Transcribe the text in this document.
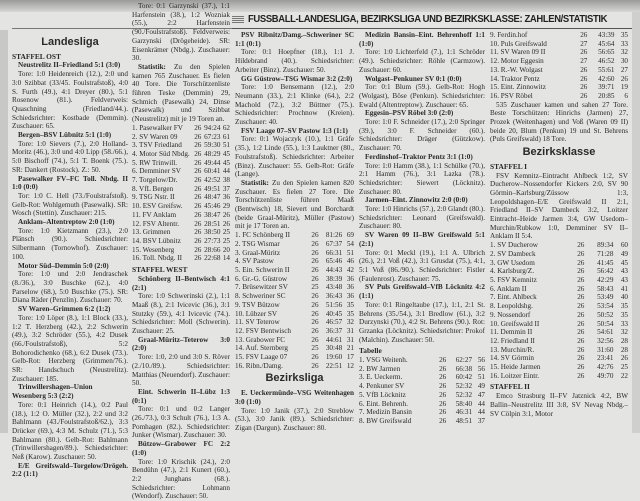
FUSSBALL-LANDESLIGA, BEZIRKSLIGA UND BEZIRKSKLASSE: ZAHLEN/STATISTIK
Landesliga
STAFFEL OST
Neustrelitz II–Friedland 5:1 (3:0)
Tore: 1:0 Heidenreich (12.), 2:0 und 3:0 Szibbat (33/45. Foulstrafstoß), 4:0 S. Furth (49.), 4:1 Dreyer (80.), 5:1 Rosenow (81.). Feldverweis: Quaschning (Friedland/44.). Schiedsrichter: Kostbade (Demmin). Zuschauer: 65.
Bergen–BSV Lübnitz 5:1 (1:0)
Tore: 1:0 Sievers (7.), 2:0 Holland-Moritz (46.), 3:0 und 4:0 Lipp (58./66.), 5:0 Bischoff (74.), 5:1 T. Boenk (75.). SR: Dankert (Rostock). Z.: 50.
Pasewalker FV–FC Toll. Nbdg. II 1:0 (0:0)
Tor: 1:0 C. Hell (73./Foulstrafstoß). Gelb-Rot: Wohlgemuth (Pasewalk). SR: Wosch (Stettin). Zuschauer: 215.
Anklam–Altentreptow 2:0 (1:0)
Tore: 1:0 Kietzmann (23.), 2:0 Plänsch (90.). Schiedsrichter: Silbermann (Tornowhof). Zuschauer: 100.
Motor Süd–Demmin 5:0 (2:0)
Tore: 1:0 und 2:0 Jendraschek (8./36.), 3:0 Buschke (62.), 4:0 Parselow (68.), 5:0 Buschke (75.). SR: Diana Räder (Penzlin). Zuschauer: 70.
SV Waren–Grimmen 6:2 (1:2)
Tore: 1:0 Löper (8.), 1:1 Block (33.), 1:2 T. Herzberg (42.), 2:2 Schwerin (49.), 3:2 Schröder (55.), 4:2 Dusek (66./Foulstrafstoß), 5:2 Bohorodichenko (68.), 6:2 Dusek (73.). Gelb-Rot: Herzberg (Grimmen/76.). SR: Handschuch (Neustrelitz). Zuschauer: 185.
Trinwillershagen–Union Wesenberg 5:3 (2:2)
Tore: 0:1 Heinrich (14.), 0:2 Paul (18.), 1:2 O. Müller (32.), 2:2 und 3:2 Bahlmann (43./Foulstrafstoß/62.), 3:3 Drücker (69.), 4:3 M. Schulz (71.), 5:3 Bahlmann (80.). Gelb-Rot: Bahlmann (Trinwillershagen/89.). Schiedsrichter: Neß (Karow). Zuschauer: 50.
E/E Greifswald–Torgelow/Drögeh. 2:2 (1:1)
Tore: 0:1 Garzynski (37.), 1:1 Harfenstein (38.), 1:2 Wozniak (55.), 2:2 Harfenstein (90./Foulstrafstoß). Feldverweis: Garzynski (Drögeheide). SR: Eisenkrämer (Nbdg.). Zuschauer: 30.
Statistik: Zu den Spielen kamen 765 Zuschauer. Es fielen 40 Tore. Die Torschützenliste führen Teske (Demmin) 29, Schmich (Pasewalk) 24, Dinse (Pasewalk) und Szibbat (Neustrelitz) mit je 19 Toren an.
1. Pasewalker FV	26	94:24	62
2. SV Waren 09	26	67:23	61
3. TSV Friedland	26	59:30	51
4. Motor Süd Nbdg.	26	48:29	45
5. RW Trinwill.	26	49:44	45
6. Demminer SV	26	60:41	44
7. Torgelow/Dr.	26	42:52	38
8. VfL Bergen	26	49:51	37
9. TSG Nstr. II	26	48:47	36
10. ESV Greifsw.	26	45:46	29
11. FV Anklam	26	38:47	26
12. FSV Altentr.	26	28:51	26
13. Grimmen	26	38:50	25
14. BSV Lübnitz	26	27:73	25
15. Wesenberg	26	28:66	20
16. Toll. Nbdg. II	26	22:68	14
STAFFEL WEST
Schönberg II–Bentwisch 4:1 (2:1)
Tore: 1:0 Schwerinski (2.), 1:1 Maaß (8.), 2:1 Ivicevic (36.), 3:1 Stutzky (59.), 4:1 Ivicevic (74.). Schiedsrichter: Moll (Schwerin). Zuschauer: 25.
Graal-Müritz–Teterow 3:0 (2:0)
Tore: 1:0, 2:0 und 3:0 S. Röver (2./10./89.). Schiedsrichter: Matthias (Neuendorf). Zuschauer: 50.
Eint. Schwerin II–Lübz 1:3 (0:1)
Tore: 0:1 und 0:2 Langer (26./73.), 0:3 Schult (76.), 1:3 A. Pomhagen (82.). Schiedsrichter: Junker (Wismar). Zuschauer: 30.
Bützow–Grabower FC 2:2 (1:0)
Tore: 1:0 Krischik (24.), 2:0 Bendühn (47.), 2:1 Kunert (60.), 2:2 Junghans (68.). Schiedsrichter: Lohmann (Wendorf). Zuschauer: 50.
PSV Ribnitz/Damg.–Schweriner SC 1:1 (0:1)
Tore: 0:1 Hoepfner (18.), 1:1 J. Hildebrand (40.). Schiedsrichter: Arbeiter (Binz). Zuschauer: 50.
GG Güstrow–TSG Wismar 3:2 (2:0)
Tore: 1:0 Bensemann (12.), 2:0 Neumann (33.), 2:1 Klinke (64.), 2:2 Machold (72.), 3:2 Büttner (75.). Schiedsrichter: Prochnow (Kreien). Zuschauer: 40.
FSV Laage 07–SV Pastow 1:3 (1:1)
Tore: 0:1 Wojaczyk (10.), 1:1 Gräfe (35.), 1:2 Linde (55.), 1:3 Lauktner (80., Foulstrafstoß). Schiedsrichter: Arbeiter (Binz). Zuschauer: 55. Gelb-Rot: Gräfe (Lange).
Statistik: Zu den Spielen kamen 820 Zuschauer. Es fielen 27 Tore. Die Torschützenliste führen Maaß (Bentwisch) 18, Sievert und Borchardt (beide Graal-Müritz), Müller (Pastow) mit je 17 Toren an.
1. FC Schönberg II	26	81:26	69
2. TSG Wismar	26	67:37	54
3. Graal-Müritz	26	66:31	51
4. SV Pastow	26	65:46	46
5. Ein. Schwerin II	26	44:43	42
6. Gr.-G. Güstrow	26	38:39	36
7. Brüsewitzer SV	25	43:48	36
8. Schweriner SC	26	36:43	36
9. TSV Bützow	26	51:56	35
10. Lübzer SV	26	40:45	35
11. SV Teterow	26	46:57	32
12. FSV Bentwisch	26	36:37	31
13. Grabower FC	26	44:61	31
14. Auf. Sternberg	25	30:48	21
15. FSV Laage 07	26	19:60	17
16. Ribn./Damg.	26	22:51	12
Bezirksliga
E. Ueckermünde–VSG Weitenhagen 3:0 (1:0)
Tore: 1:0 Janik (37.), 2:0 Streblow (53.), 3:0 Janik (89.). Schiedsrichter: Zigan (Dargun). Zuschauer: 80.
Medizin Bansin–Eint. Behrenhoff 1:1 (1:0)
Tore: 1:0 Lichterfeld (7.), 1:1 Schröder (49.). Schiedsrichter: Röhle (Carmzow). Zuschauer: 60.
Wolgast–Penkuner SV 0:1 (0:0)
Tor: 0:1 Blum (59.). Gelb-Rot: Hogh (Wolgast), Böse (Penkun). Schiedsrichter: Ewald (Altentreptow). Zuschauer: 65.
Eggesin–PSV Röbel 3:0 (2:0)
Tore: 1:0 F. Schneider (17.), 2:0 Springer (39.), 3:0 F. Schneider (60.). Schiedsrichter: Dräger (Gützkow). Zuschauer: 70.
Ferdinshof–Traktor Pentz 3:1 (1:0)
Tore: 1:0 Hamm (38.), 1:1 Schülke (70.), 2:1 Hamm (76.), 3:1 Lazka (78.). Schiedsrichter: Siewert (Löcknitz). Zuschauer: 80.
Jarmen–Eint. Zinnowitz 2:0 (0:0)
Tore: 1:0 Hinrichs (57.), 2:0 Glandt (80.). Schiedsrichter: Leonard (Greifswald). Zuschauer: 80.
SV Waren 09 II–BW Greifswald 5:1 (2:1)
Tore: 0:1 Meckl (19.), 1:1 A. Ulbrich (26.), 2:1 Voß (42.), 3:1 Grusdat (75.), 4:1, 5:1 Voß (86./90.). Schiedsrichter: Fistler (Faulenrost). Zuschauer: 75.
SV Puls Greifswald–VfB Löcknitz 4:2 (1:1)
Tore: 0:1 Ringeltaube (17.), 1:1, 2:1 St. Behrens (35./54.), 3:1 Bredlow (61.), 3:2 Durzynski (70.), 4:2 St. Behrens (90.). Rot: Grzanka (Löcknitz). Schiedsrichter: Prokof (Malchin). Zuschauer: 50.
Tabelle
1. VSG Weitenh.	26	62:27	56
2. BW Jarmen	26	66:38	56
3. E. Ueckerm.	26	60:42	51
4. Penkuner SV	26	52:32	49
5. VfB Löcknitz	26	52:32	47
6. Eint. Behrenh.	26	58:40	44
7. Medizin Bansin	26	46:31	44
8. BW Greifswald	26	48:51	37
9. Ferdin.hof	26	43:39	35
10. Puls Greifswald	27	45:64	33
11. SV Waren 09 II	26	56:65	32
12. Motor Eggesin	27	46:52	30
13. R.-W. Wolgast	26	55:61	27
14. Traktor Pentz	26	42:60	26
15. Eint. Zinnowitz	26	39:71	19
16. PSV Röbel	26	20:85	6
535 Zuschauer kamen und sahen 27 Tore. Beste Torschützen: Hinrichs (Jarmen) 27, Prozek (Weitenhagen) und Voß (Waren 09 II) beide 20, Blum (Penkun) 19 und St. Behrens (Puls Greifswald) 18 Tore.
Bezirksklasse
STAFFEL I
FSV Kemnitz–Eintracht Ahlbeck 1:2, SV Ducherow–Nossendorfer Kickers 2:0, SV 90 Görmin–Karlsburg/Züssow 1:3, Leopoldshagen–E/E Greifswald II 2:1, Friedland II–SV Dambeck 3:2, Loitzer Eintracht–Heide Jarmen 3:4, GW Usedom–Murchin/Rubkow 1:0, Demminer SV II–Anklam II 5:4.
1. SV Ducherow	26	89:34	60
2. SV Dambeck	26	71:28	49
3. GW Usedom	26	41:45	45
4. Karlsburg/Z.	26	56:42	43
5. FSV Kemnitz	26	42:29	43
6. Anklam II	26	58:43	41
7. Eint. Ahlbeck	26	53:49	40
8. Leopoldshg.	26	53:54	35
9. Nossendorf	26	50:52	35
10. Greifswald II	26	50:54	33
11. Demmin II	26	54:61	32
12. Friedland II	26	32:56	28
13. Murchin/R.	26	31:60	28
14. SV Görmin	26	23:41	26
15. Heide Jarmen	26	42:76	25
16. Loitzer Eintr.	26	49:70	22
STAFFEL II
Emco Strasburg II–FV Jatznick 4:2, BW Ballin–Neustrelitz III 3:8, SV Nevag Nbdg.–SV Cölpin 3:1, Motor
